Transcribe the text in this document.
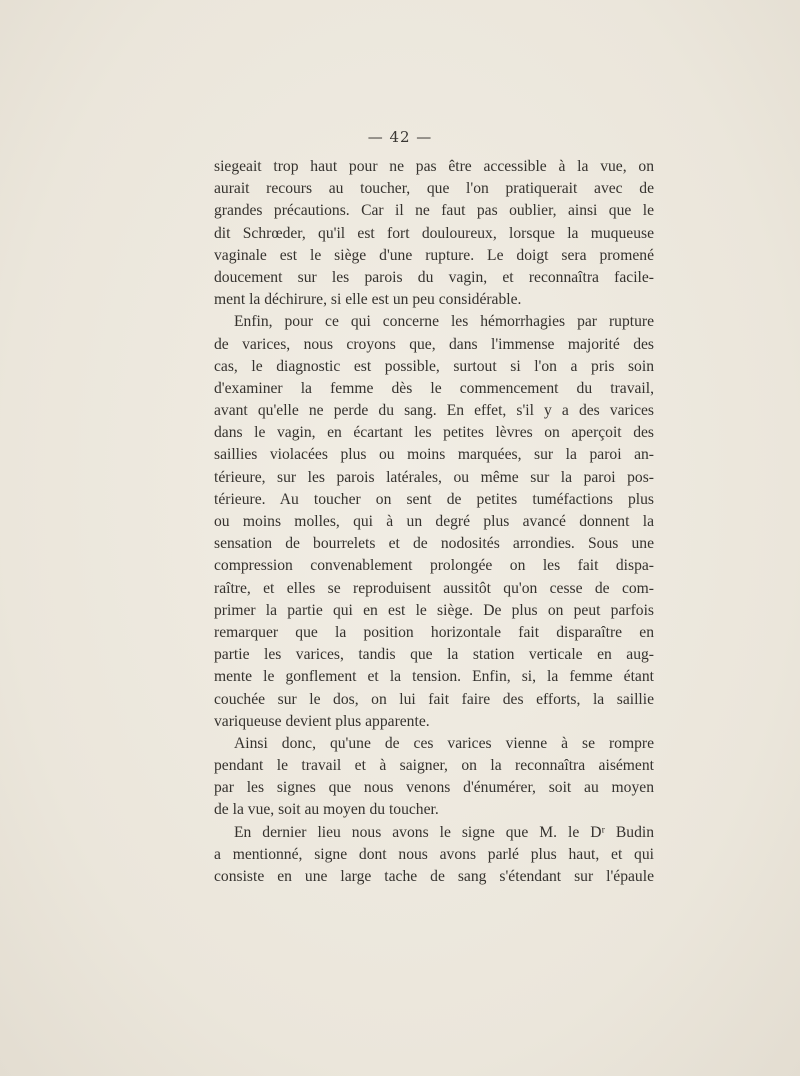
— 42 —
siegeait trop haut pour ne pas être accessible à la vue, on
aurait recours au toucher, que l'on pratiquerait avec de
grandes précautions. Car il ne faut pas oublier, ainsi que le
dit Schrœder, qu'il est fort douloureux, lorsque la muqueuse
vaginale est le siège d'une rupture. Le doigt sera promené
doucement sur les parois du vagin, et reconnaîtra facile-
ment la déchirure, si elle est un peu considérable.
Enfin, pour ce qui concerne les hémorrhagies par rupture
de varices, nous croyons que, dans l'immense majorité des
cas, le diagnostic est possible, surtout si l'on a pris soin
d'examiner la femme dès le commencement du travail,
avant qu'elle ne perde du sang. En effet, s'il y a des varices
dans le vagin, en écartant les petites lèvres on aperçoit des
saillies violacées plus ou moins marquées, sur la paroi an-
térieure, sur les parois latérales, ou même sur la paroi pos-
térieure. Au toucher on sent de petites tuméfactions plus
ou moins molles, qui à un degré plus avancé donnent la
sensation de bourrelets et de nodosités arrondies. Sous une
compression convenablement prolongée on les fait dispa-
raître, et elles se reproduisent aussitôt qu'on cesse de com-
primer la partie qui en est le siège. De plus on peut parfois
remarquer que la position horizontale fait disparaître en
partie les varices, tandis que la station verticale en aug-
mente le gonflement et la tension. Enfin, si, la femme étant
couchée sur le dos, on lui fait faire des efforts, la saillie
variqueuse devient plus apparente.
Ainsi donc, qu'une de ces varices vienne à se rompre
pendant le travail et à saigner, on la reconnaîtra aisément
par les signes que nous venons d'énumérer, soit au moyen
de la vue, soit au moyen du toucher.
En dernier lieu nous avons le signe que M. le Dʳ Budin
a mentionné, signe dont nous avons parlé plus haut, et qui
consiste en une large tache de sang s'étendant sur l'épaule
